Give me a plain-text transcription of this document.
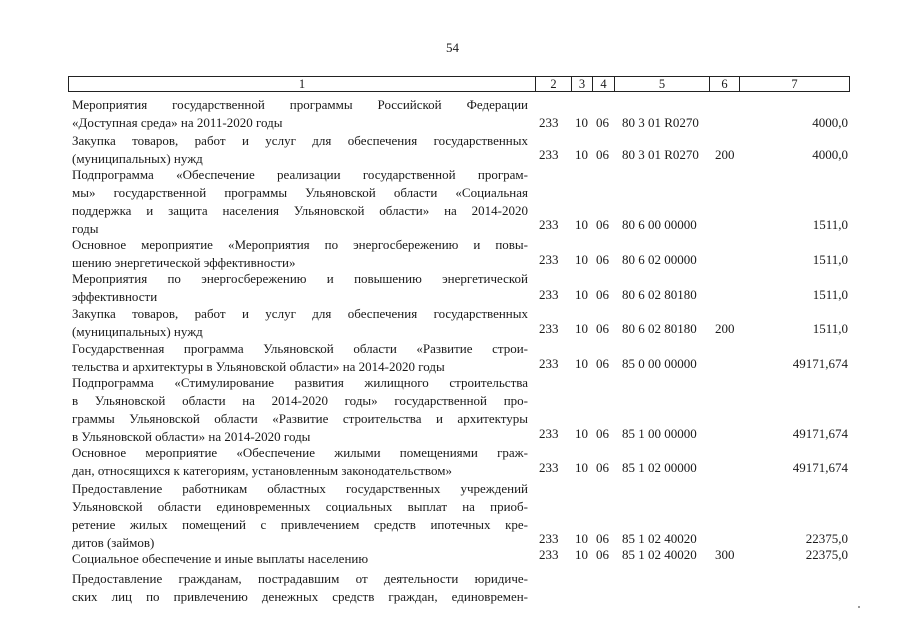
54
1	2	3	4	5	6	7
Мероприятия государственной программы Российской Федерации
«Доступная среда» на 2011-2020 годы	233 10 06 80 3 01 R0270	4000,0
Закупка товаров, работ и услуг для обеспечения государственных
(муниципальных) нужд	233 10 06 80 3 01 R0270 200	4000,0
Подпрограмма «Обеспечение реализации государственной програм-
мы» государственной программы Ульяновской области «Социальная
поддержка и защита населения Ульяновской области» на 2014-2020
годы	233 10 06 80 6 00 00000	1511,0
Основное мероприятие «Мероприятия по энергосбережению и повы-
шению энергетической эффективности»	233 10 06 80 6 02 00000	1511,0
Мероприятия по энергосбережению и повышению энергетической
эффективности	233 10 06 80 6 02 80180	1511,0
Закупка товаров, работ и услуг для обеспечения государственных
(муниципальных) нужд	233 10 06 80 6 02 80180 200	1511,0
Государственная программа Ульяновской области «Развитие строи-
тельства и архитектуры в Ульяновской области» на 2014-2020 годы	233 10 06 85 0 00 00000	49171,674
Подпрограмма «Стимулирование развития жилищного строительства
в Ульяновской области на 2014-2020 годы» государственной про-
граммы Ульяновской области «Развитие строительства и архитектуры
в Ульяновской области» на 2014-2020 годы	233 10 06 85 1 00 00000	49171,674
Основное мероприятие «Обеспечение жилыми помещениями граж-
дан, относящихся к категориям, установленным законодательством»	233 10 06 85 1 02 00000	49171,674
Предоставление работникам областных государственных учреждений
Ульяновской области единовременных социальных выплат на приоб-
ретение жилых помещений с привлечением средств ипотечных кре-
дитов (займов)	233 10 06 85 1 02 40020	22375,0
Социальное обеспечение и иные выплаты населению	233 10 06 85 1 02 40020 300	22375,0
Предоставление гражданам, пострадавшим от деятельности юридиче-
ских лиц по привлечению денежных средств граждан, единовремен-
